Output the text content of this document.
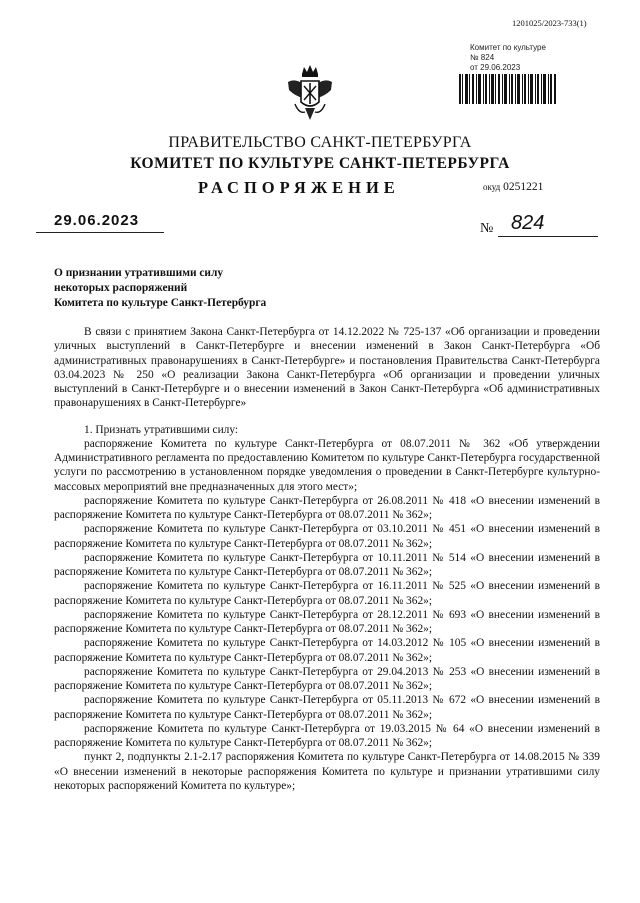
1201025/2023-733(1)
Комитет по культуре
№ 824
от 29.06.2023
ПРАВИТЕЛЬСТВО САНКТ-ПЕТЕРБУРГА
КОМИТЕТ ПО КУЛЬТУРЕ САНКТ-ПЕТЕРБУРГА
РАСПОРЯЖЕНИЕ	окуд 0251221
29.06.2023	№ 824
О признании утратившими силу
некоторых распоряжений
Комитета по культуре Санкт-Петербурга

В связи с принятием Закона Санкт-Петербурга от 14.12.2022 № 725-137 «Об организации и проведении уличных выступлений в Санкт-Петербурге и внесении изменений в Закон Санкт-Петербурга «Об административных правонарушениях в Санкт-Петербурге» и постановления Правительства Санкт-Петербурга 03.04.2023 № 250 «О реализации Закона Санкт-Петербурга «Об организации и проведении уличных выступлений в Санкт-Петербурге и о внесении изменений в Закон Санкт-Петербурга «Об административных правонарушениях в Санкт-Петербурге»

1. Признать утратившими силу:

распоряжение Комитета по культуре Санкт-Петербурга от 08.07.2011 № 362 «Об утверждении Административного регламента по предоставлению Комитетом по культуре Санкт-Петербурга государственной услуги по рассмотрению в установленном порядке уведомления о проведении в Санкт-Петербурге культурно-массовых мероприятий вне предназначенных для этого мест»;

распоряжение Комитета по культуре Санкт-Петербурга от 26.08.2011 № 418 «О внесении изменений в распоряжение Комитета по культуре Санкт-Петербурга от 08.07.2011 № 362»;

распоряжение Комитета по культуре Санкт-Петербурга от 03.10.2011 № 451 «О внесении изменений в распоряжение Комитета по культуре Санкт-Петербурга от 08.07.2011 № 362»;

распоряжение Комитета по культуре Санкт-Петербурга от 10.11.2011 № 514 «О внесении изменений в распоряжение Комитета по культуре Санкт-Петербурга от 08.07.2011 № 362»;

распоряжение Комитета по культуре Санкт-Петербурга от 16.11.2011 № 525 «О внесении изменений в распоряжение Комитета по культуре Санкт-Петербурга от 08.07.2011 № 362»;

распоряжение Комитета по культуре Санкт-Петербурга от 28.12.2011 № 693 «О внесении изменений в распоряжение Комитета по культуре Санкт-Петербурга от 08.07.2011 № 362»;

распоряжение Комитета по культуре Санкт-Петербурга от 14.03.2012 № 105 «О внесении изменений в распоряжение Комитета по культуре Санкт-Петербурга от 08.07.2011 № 362»;

распоряжение Комитета по культуре Санкт-Петербурга от 29.04.2013 № 253 «О внесении изменений в распоряжение Комитета по культуре Санкт-Петербурга от 08.07.2011 № 362»;

распоряжение Комитета по культуре Санкт-Петербурга от 05.11.2013 № 672 «О внесении изменений в распоряжение Комитета по культуре Санкт-Петербурга от 08.07.2011 № 362»;

распоряжение Комитета по культуре Санкт-Петербурга от 19.03.2015 № 64 «О внесении изменений в распоряжение Комитета по культуре Санкт-Петербурга от 08.07.2011 № 362»;

пункт 2, подпункты 2.1-2.17 распоряжения Комитета по культуре Санкт-Петербурга от 14.08.2015 № 339 «О внесении изменений в некоторые распоряжения Комитета по культуре и признании утратившими силу некоторых распоряжений Комитета по культуре»;
